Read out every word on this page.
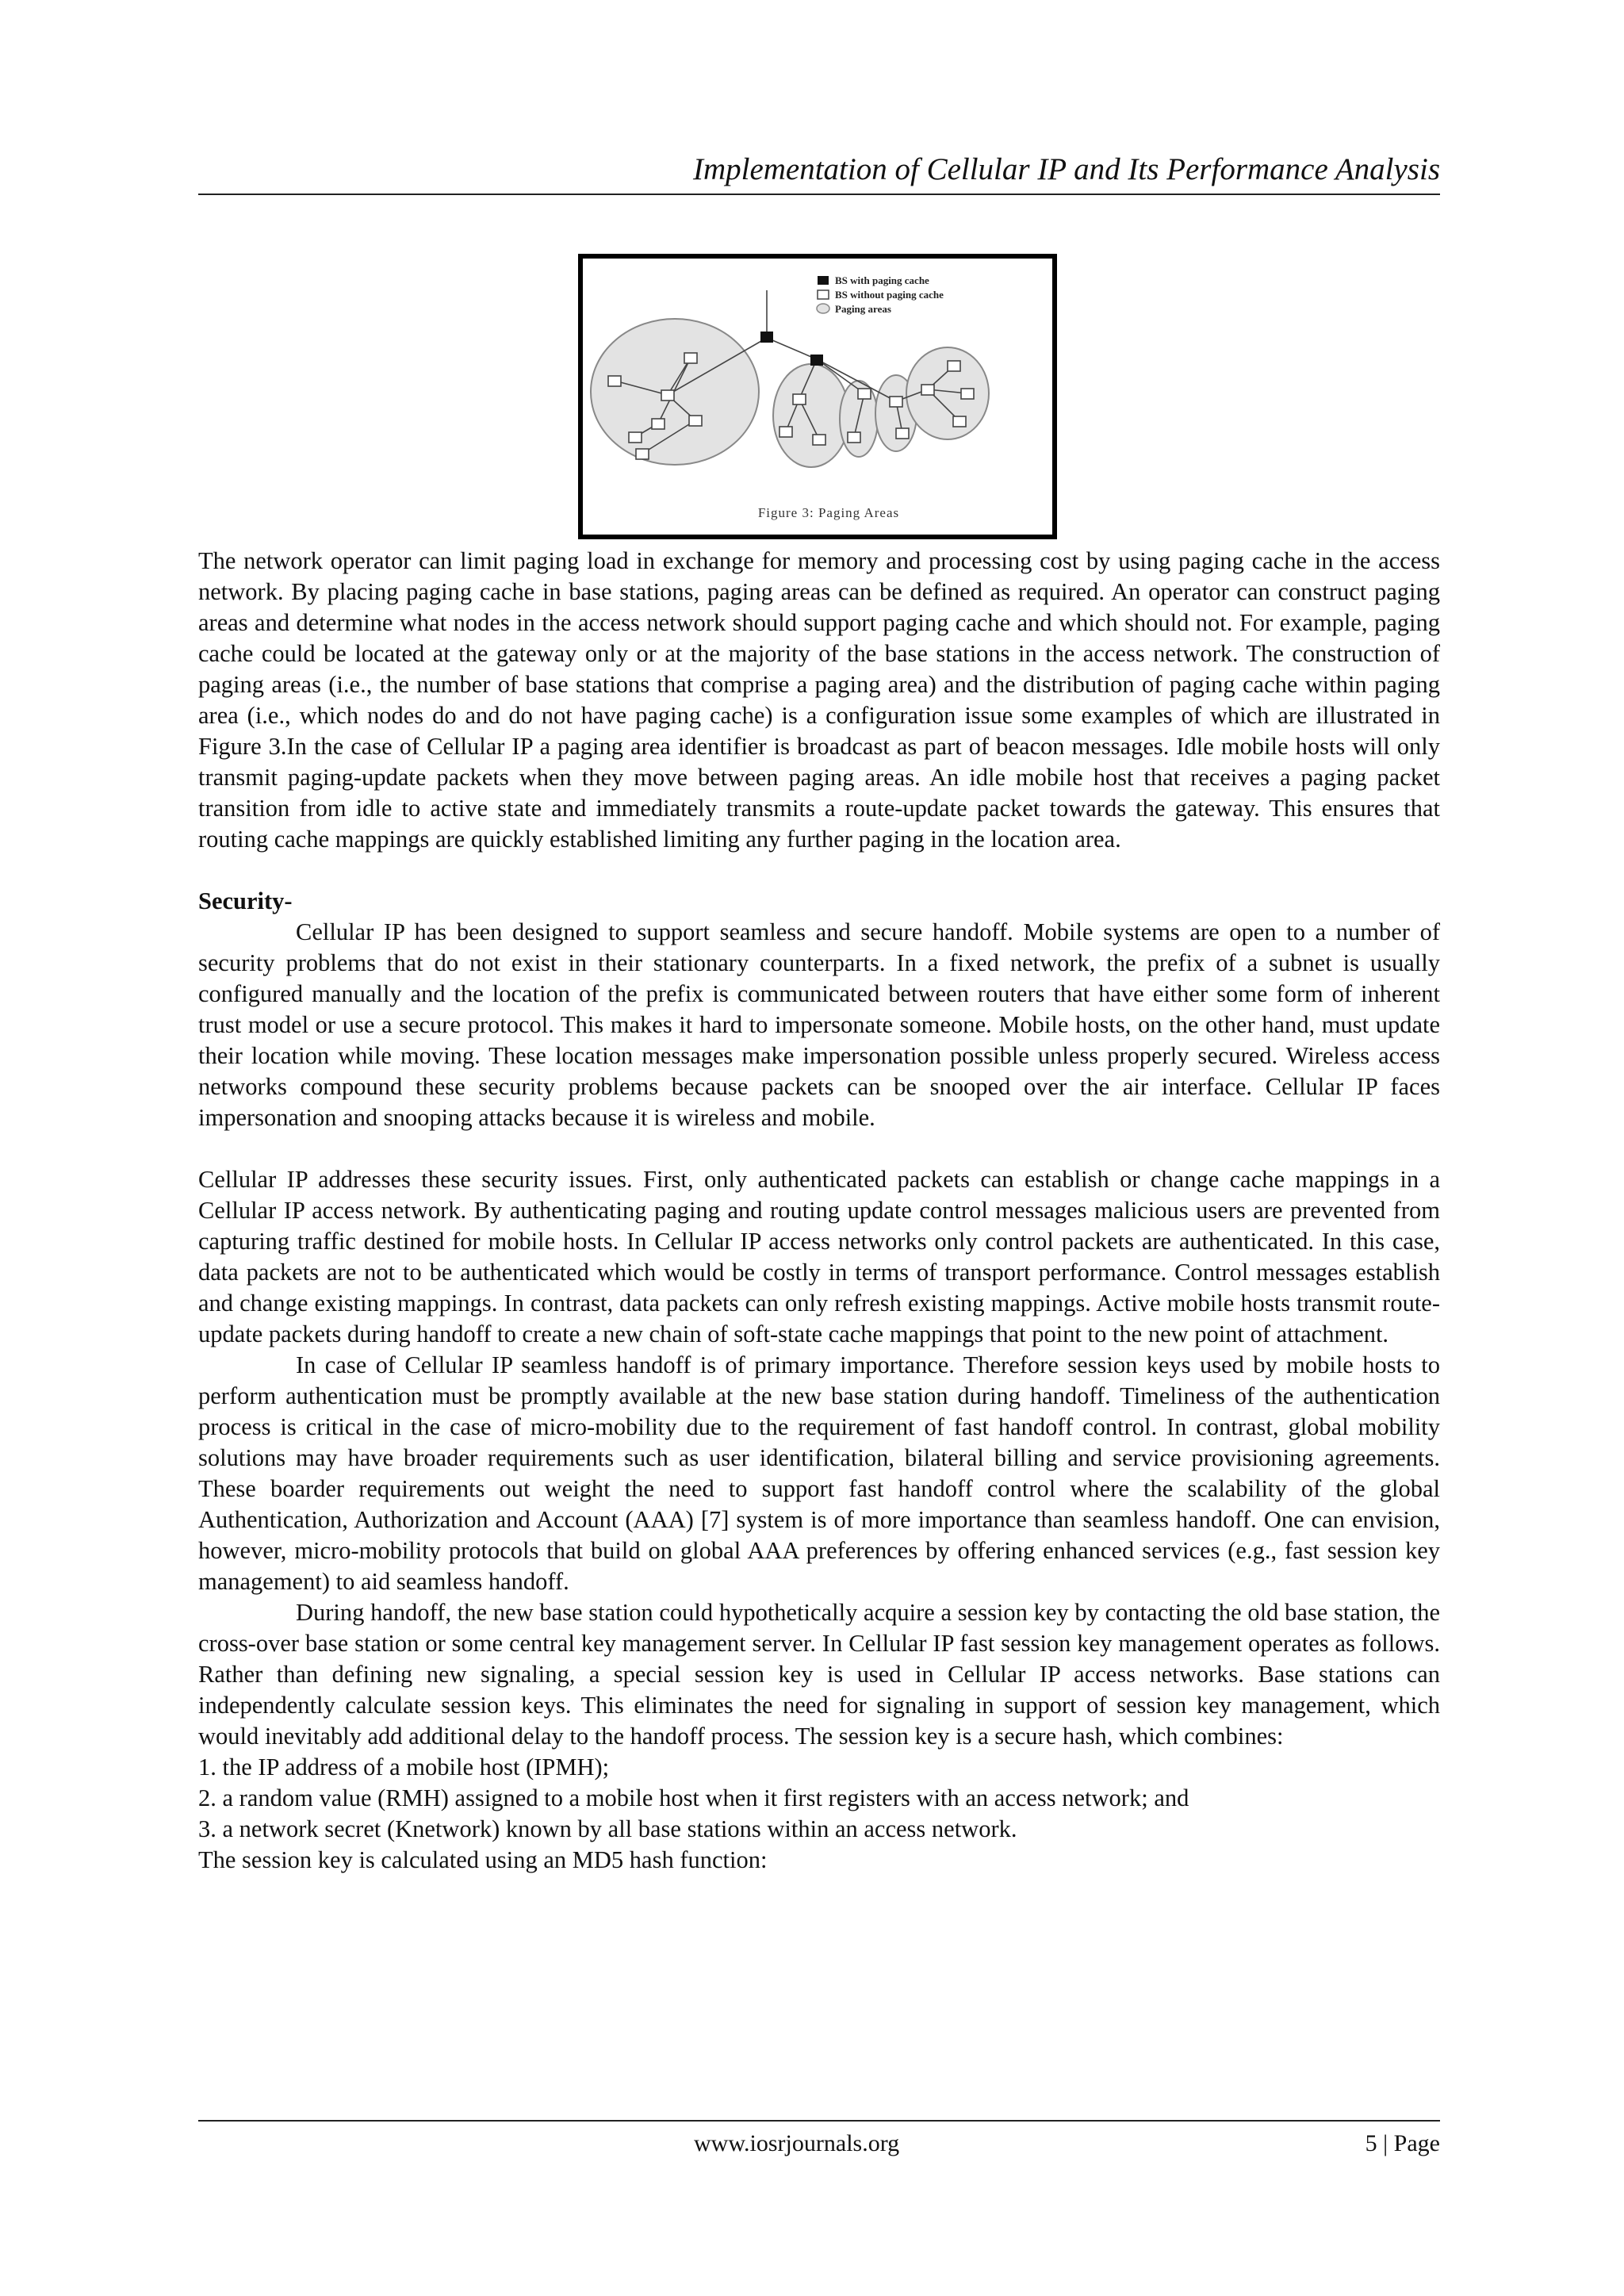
Implementation of Cellular IP and Its Performance Analysis
BS with paging cache
BS without paging cache
Paging areas
Figure 3: Paging Areas

The network operator can limit paging load in exchange for memory and processing cost by using paging cache in the access network. By placing paging cache in base stations, paging areas can be defined as required. An operator can construct paging areas and determine what nodes in the access network should support paging cache and which should not. For example, paging cache could be located at the gateway only or at the majority of the base stations in the access network. The construction of paging areas (i.e., the number of base stations that comprise a paging area) and the distribution of paging cache within paging area (i.e., which nodes do and do not have paging cache) is a configuration issue some examples of which are illustrated in Figure 3.In the case of Cellular IP a paging area identifier is broadcast as part of beacon messages. Idle mobile hosts will only transmit paging-update packets when they move between paging areas. An idle mobile host that receives a paging packet transition from idle to active state and immediately transmits a route-update packet towards the gateway. This ensures that routing cache mappings are quickly established limiting any further paging in the location area.

Security-

Cellular IP has been designed to support seamless and secure handoff. Mobile systems are open to a number of security problems that do not exist in their stationary counterparts. In a fixed network, the prefix of a subnet is usually configured manually and the location of the prefix is communicated between routers that have either some form of inherent trust model or use a secure protocol. This makes it hard to impersonate someone. Mobile hosts, on the other hand, must update their location while moving. These location messages make impersonation possible unless properly secured. Wireless access networks compound these security problems because packets can be snooped over the air interface. Cellular IP faces impersonation and snooping attacks because it is wireless and mobile.

Cellular IP addresses these security issues. First, only authenticated packets can establish or change cache mappings in a Cellular IP access network. By authenticating paging and routing update control messages malicious users are prevented from capturing traffic destined for mobile hosts. In Cellular IP access networks only control packets are authenticated. In this case, data packets are not to be authenticated which would be costly in terms of transport performance. Control messages establish and change existing mappings. In contrast, data packets can only refresh existing mappings. Active mobile hosts transmit route-update packets during handoff to create a new chain of soft-state cache mappings that point to the new point of attachment.

In case of Cellular IP seamless handoff is of primary importance. Therefore session keys used by mobile hosts to perform authentication must be promptly available at the new base station during handoff. Timeliness of the authentication process is critical in the case of micro-mobility due to the requirement of fast handoff control. In contrast, global mobility solutions may have broader requirements such as user identification, bilateral billing and service provisioning agreements. These boarder requirements out weight the need to support fast handoff control where the scalability of the global Authentication, Authorization and Account (AAA) [7] system is of more importance than seamless handoff. One can envision, however, micro-mobility protocols that build on global AAA preferences by offering enhanced services (e.g., fast session key management) to aid seamless handoff.

During handoff, the new base station could hypothetically acquire a session key by contacting the old base station, the cross-over base station or some central key management server. In Cellular IP fast session key management operates as follows. Rather than defining new signaling, a special session key is used in Cellular IP access networks. Base stations can independently calculate session keys. This eliminates the need for signaling in support of session key management, which would inevitably add additional delay to the handoff process. The session key is a secure hash, which combines:

1. the IP address of a mobile host (IPMH);

2. a random value (RMH) assigned to a mobile host when it first registers with an access network; and

3. a network secret (Knetwork) known by all base stations within an access network.

The session key is calculated using an MD5 hash function:

www.iosrjournals.org	5 | Page
